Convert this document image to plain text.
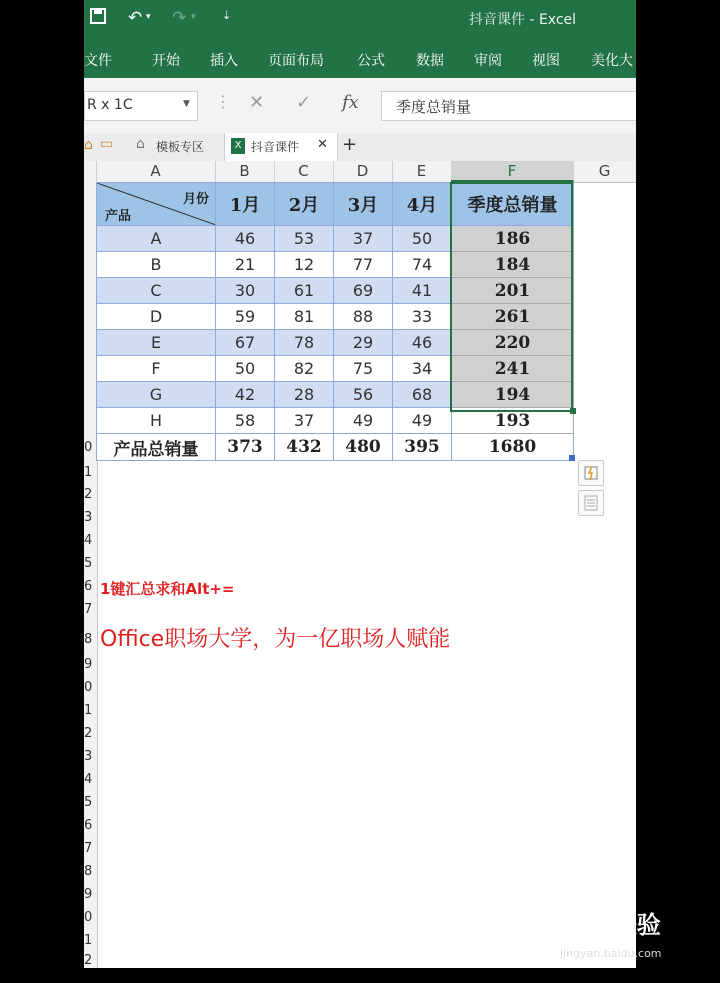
↶ ▾ ↷ ▾ ⇣	抖音课件 - Excel
文件	开始 插入 页面布局 公式 数据 审阅 视图 美化大
R x 1C	▼ ⋮ ✕ ✓ fx 季度总销量
⌂ ▭ ⌂ 模板专区	X 抖音课件 ✕ +
A	B	C	D	E	F	G
0
1
2
3
4
5
6
7
8
9
0
1
2
3
4
5
6
7
8
9
0
1
2
月份
产品	1月	2月	3月	4月	季度总销量
A	46	53	37	50	186
B	21	12	77	74	184
C	30	61	69	41	201
D	59	81	88	33	261
E	67	78	29	46	220
F	50	82	75	34	241
G	42	28	56	68	194
H	58	37	49	49	193
产品总销量	373	432	480	395	1680
1键汇总求和Alt+=
Office职场大学，为一亿职场人赋能
Bai✿经验
jingyan.baidu.com
